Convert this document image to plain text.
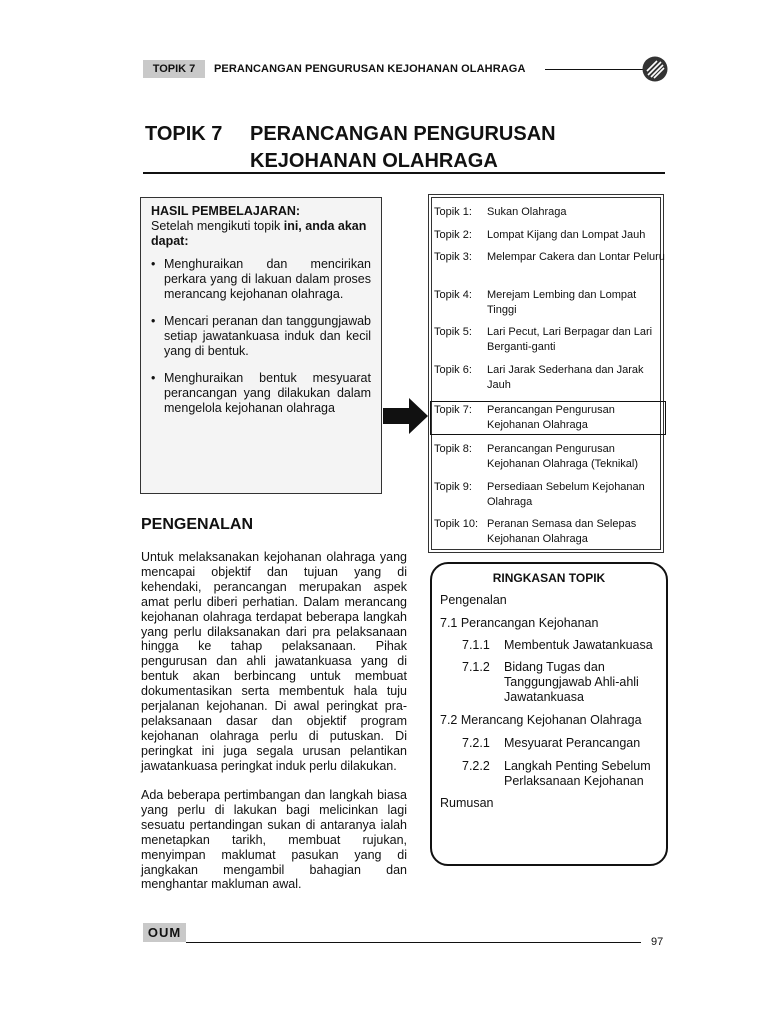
TOPIK 7	PERANCANGAN PENGURUSAN KEJOHANAN OLAHRAGA
TOPIK 7 PERANCANGAN PENGURUSAN
KEJOHANAN OLAHRAGA
HASIL PEMBELAJARAN:
Setelah mengikuti topik ini, anda akan dapat:
• Menghuraikan dan mencirikan perkara yang di lakuan dalam proses merancang kejohanan olahraga.
• Mencari peranan dan tanggungjawab setiap jawatankuasa induk dan kecil yang di bentuk.
• Menghuraikan bentuk mesyuarat perancangan yang dilakukan dalam mengelola kejohanan olahraga
Topik 1: Sukan Olahraga
Topik 2: Lompat Kijang dan Lompat Jauh
Topik 3: Melempar Cakera dan Lontar Peluru
Topik 4: Merejam Lembing dan Lompat Tinggi
Topik 5: Lari Pecut, Lari Berpagar dan Lari Berganti-ganti
Topik 6: Lari Jarak Sederhana dan Jarak Jauh
Topik 7: Perancangan Pengurusan Kejohanan Olahraga
Topik 8: Perancangan Pengurusan Kejohanan Olahraga (Teknikal)
Topik 9: Persediaan Sebelum Kejohanan Olahraga
Topik 10: Peranan Semasa dan Selepas Kejohanan Olahraga
PENGENALAN
Untuk melaksanakan kejohanan olahraga yang mencapai objektif dan tujuan yang di kehendaki, perancangan merupakan aspek amat perlu diberi perhatian. Dalam merancang kejohanan olahraga terdapat beberapa langkah yang perlu dilaksanakan dari pra pelaksanaan hingga ke tahap pelaksanaan. Pihak pengurusan dan ahli jawatankuasa yang di bentuk akan berbincang untuk membuat dokumentasikan serta membentuk hala tuju perjalanan kejohanan. Di awal peringkat pra-pelaksanaan dasar dan objektif program kejohanan olahraga perlu di putuskan. Di peringkat ini juga segala urusan pelantikan jawatankuasa peringkat induk perlu dilakukan.
Ada beberapa pertimbangan dan langkah biasa yang perlu di lakukan bagi melicinkan lagi sesuatu pertandingan sukan di antaranya ialah menetapkan tarikh, membuat rujukan, menyimpan maklumat pasukan yang di jangkakan mengambil bahagian dan menghantar makluman awal.
RINGKASAN TOPIK
Pengenalan
7.1 Perancangan Kejohanan
7.1.1 Membentuk Jawatankuasa
7.1.2 Bidang Tugas dan Tanggungjawab Ahli-ahli Jawatankuasa
7.2 Merancang Kejohanan Olahraga
7.2.1 Mesyuarat Perancangan
7.2.2 Langkah Penting Sebelum Perlaksanaan Kejohanan
Rumusan
OUM
97
